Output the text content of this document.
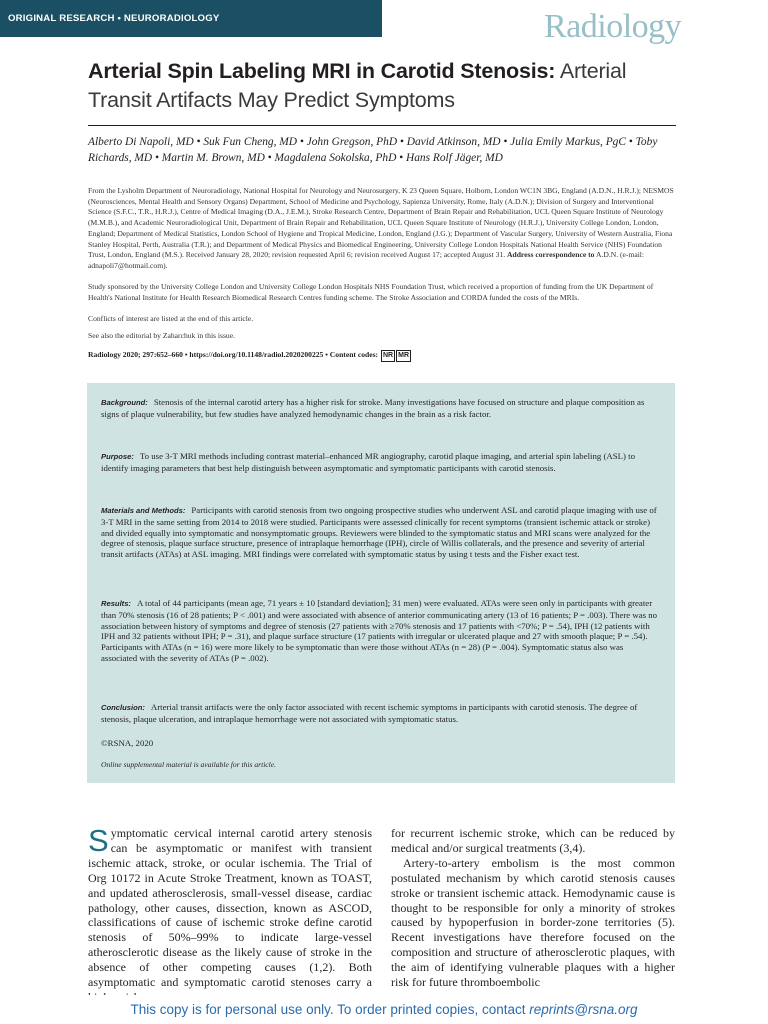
ORIGINAL RESEARCH • NEURORADIOLOGY	Radiology
Arterial Spin Labeling MRI in Carotid Stenosis: Arterial Transit Artifacts May Predict Symptoms
Alberto Di Napoli, MD • Suk Fun Cheng, MD • John Gregson, PhD • David Atkinson, MD • Julia Emily Markus, PgC • Toby Richards, MD • Martin M. Brown, MD • Magdalena Sokolska, PhD • Hans Rolf Jäger, MD
From the Lysholm Department of Neuroradiology, National Hospital for Neurology and Neurosurgery, K 23 Queen Square, Holborn, London WC1N 3BG, England (A.D.N., H.R.J.); NESMOS (Neurosciences, Mental Health and Sensory Organs) Department, School of Medicine and Psychology, Sapienza University, Rome, Italy (A.D.N.); Division of Surgery and Interventional Science (S.F.C., T.R., H.R.J.), Centre of Medical Imaging (D.A., J.E.M.), Stroke Research Centre, Department of Brain Repair and Rehabilitation, UCL Queen Square Institute of Neurology (M.M.B.), and Academic Neuroradiological Unit, Department of Brain Repair and Rehabilitation, UCL Queen Square Institute of Neurology (H.R.J.), University College London, London, England; Department of Medical Statistics, London School of Hygiene and Tropical Medicine, London, England (J.G.); Department of Vascular Surgery, University of Western Australia, Fiona Stanley Hospital, Perth, Australia (T.R.); and Department of Medical Physics and Biomedical Engineering, University College London Hospitals National Health Service (NHS) Foundation Trust, London, England (M.S.). Received January 28, 2020; revision requested April 6; revision received August 17; accepted August 31. Address correspondence to A.D.N. (e-mail: adnapoli7@hotmail.com).
Study sponsored by the University College London and University College London Hospitals NHS Foundation Trust, which received a proportion of funding from the UK Department of Health's National Institute for Health Research Biomedical Research Centres funding scheme. The Stroke Association and CORDA funded the costs of the MRIs.
Conflicts of interest are listed at the end of this article.
See also the editorial by Zaharchuk in this issue.
Radiology 2020; 297:652–660 • https://doi.org/10.1148/radiol.2020200225 • Content codes: NR MR
Background: Stenosis of the internal carotid artery has a higher risk for stroke. Many investigations have focused on structure and plaque composition as signs of plaque vulnerability, but few studies have analyzed hemodynamic changes in the brain as a risk factor.
Purpose: To use 3-T MRI methods including contrast material–enhanced MR angiography, carotid plaque imaging, and arterial spin labeling (ASL) to identify imaging parameters that best help distinguish between asymptomatic and symptomatic participants with carotid stenosis.
Materials and Methods: Participants with carotid stenosis from two ongoing prospective studies who underwent ASL and carotid plaque imaging with use of 3-T MRI in the same setting from 2014 to 2018 were studied. Participants were assessed clinically for recent symptoms (transient ischemic attack or stroke) and divided equally into symptomatic and nonsymptomatic groups. Reviewers were blinded to the symptomatic status and MRI scans were analyzed for the degree of stenosis, plaque surface structure, presence of intraplaque hemorrhage (IPH), circle of Willis collaterals, and the presence and severity of arterial transit artifacts (ATAs) at ASL imaging. MRI findings were correlated with symptomatic status by using t tests and the Fisher exact test.
Results: A total of 44 participants (mean age, 71 years ± 10 [standard deviation]; 31 men) were evaluated. ATAs were seen only in participants with greater than 70% stenosis (16 of 28 patients; P < .001) and were associated with absence of anterior communicating artery (13 of 16 patients; P = .003). There was no association between history of symptoms and degree of stenosis (27 patients with ≥70% stenosis and 17 patients with <70%; P = .54), IPH (12 patients with IPH and 32 patients without IPH; P = .31), and plaque surface structure (17 patients with irregular or ulcerated plaque and 27 with smooth plaque; P = .54). Participants with ATAs (n = 16) were more likely to be symptomatic than were those without ATAs (n = 28) (P = .004). Symptomatic status also was associated with the severity of ATAs (P = .002).
Conclusion: Arterial transit artifacts were the only factor associated with recent ischemic symptoms in participants with carotid stenosis. The degree of stenosis, plaque ulceration, and intraplaque hemorrhage were not associated with symptomatic status.
©RSNA, 2020
Online supplemental material is available for this article.
Symptomatic cervical internal carotid artery stenosis can be asymptomatic or manifest with transient ischemic attack, stroke, or ocular ischemia. The Trial of Org 10172 in Acute Stroke Treatment, known as TOAST, and updated atherosclerosis, small-vessel disease, cardiac pathology, other causes, dissection, known as ASCOD, classifications of cause of ischemic stroke define carotid stenosis of 50%–99% to indicate large-vessel atherosclerotic disease as the likely cause of stroke in the absence of other competing causes (1,2). Both asymptomatic and symptomatic carotid stenoses carry a
for recurrent ischemic stroke, which can be reduced by medical and/or surgical treatments (3,4).
Artery-to-artery embolism is the most common postulated mechanism by which carotid stenosis causes stroke or transient ischemic attack. Hemodynamic cause is thought to be responsible for only a minority of strokes caused by hypoperfusion in border-zone territories (5). Recent investigations have therefore focused on the composition and structure of atherosclerotic plaques, with the aim of identifying vulnerable plaques with a higher risk for future thromboembolic
This copy is for personal use only. To order printed copies, contact reprints@rsna.org
